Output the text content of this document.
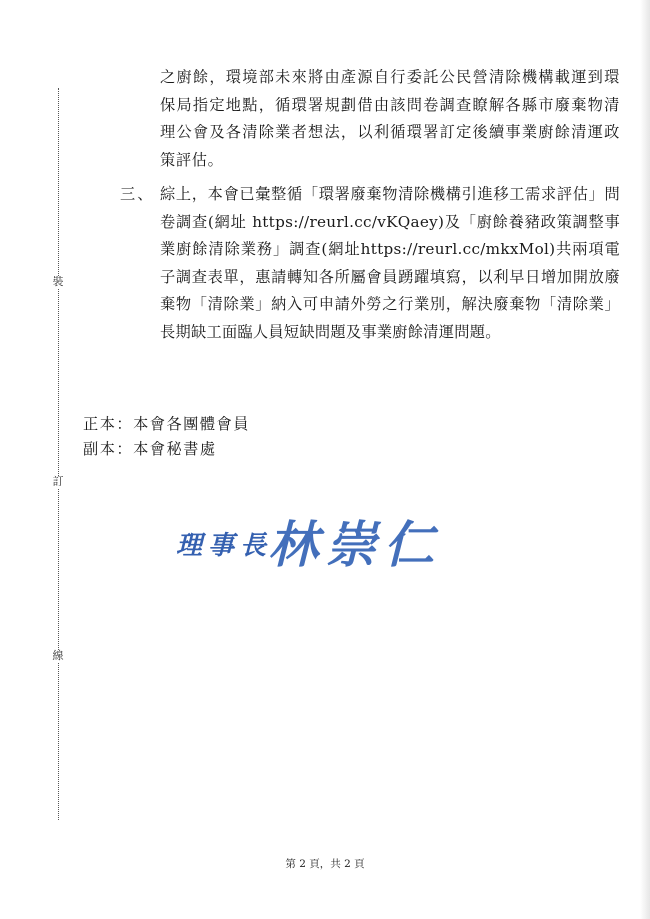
裝
訂
線
之廚餘，環境部未來將由產源自行委託公民營清除機構載運到環保局指定地點，循環署規劃借由該問卷調查瞭解各縣市廢棄物清理公會及各清除業者想法，以利循環署訂定後續事業廚餘清運政策評估。
三、 綜上，本會已彙整循「環署廢棄物清除機構引進移工需求評估」問卷調查(網址 https://reurl.cc/vKQaey)及「廚餘養豬政策調整事業廚餘清除業務」調查(網址https://reurl.cc/mkxMol)共兩項電子調查表單，惠請轉知各所屬會員踴躍填寫，以利早日增加開放廢棄物「清除業」納入可申請外勞之行業別，解決廢棄物「清除業」長期缺工面臨人員短缺問題及事業廚餘清運問題。
正本：本會各團體會員
副本：本會秘書處
理事長
林崇仁
第 2 頁，共 2 頁
